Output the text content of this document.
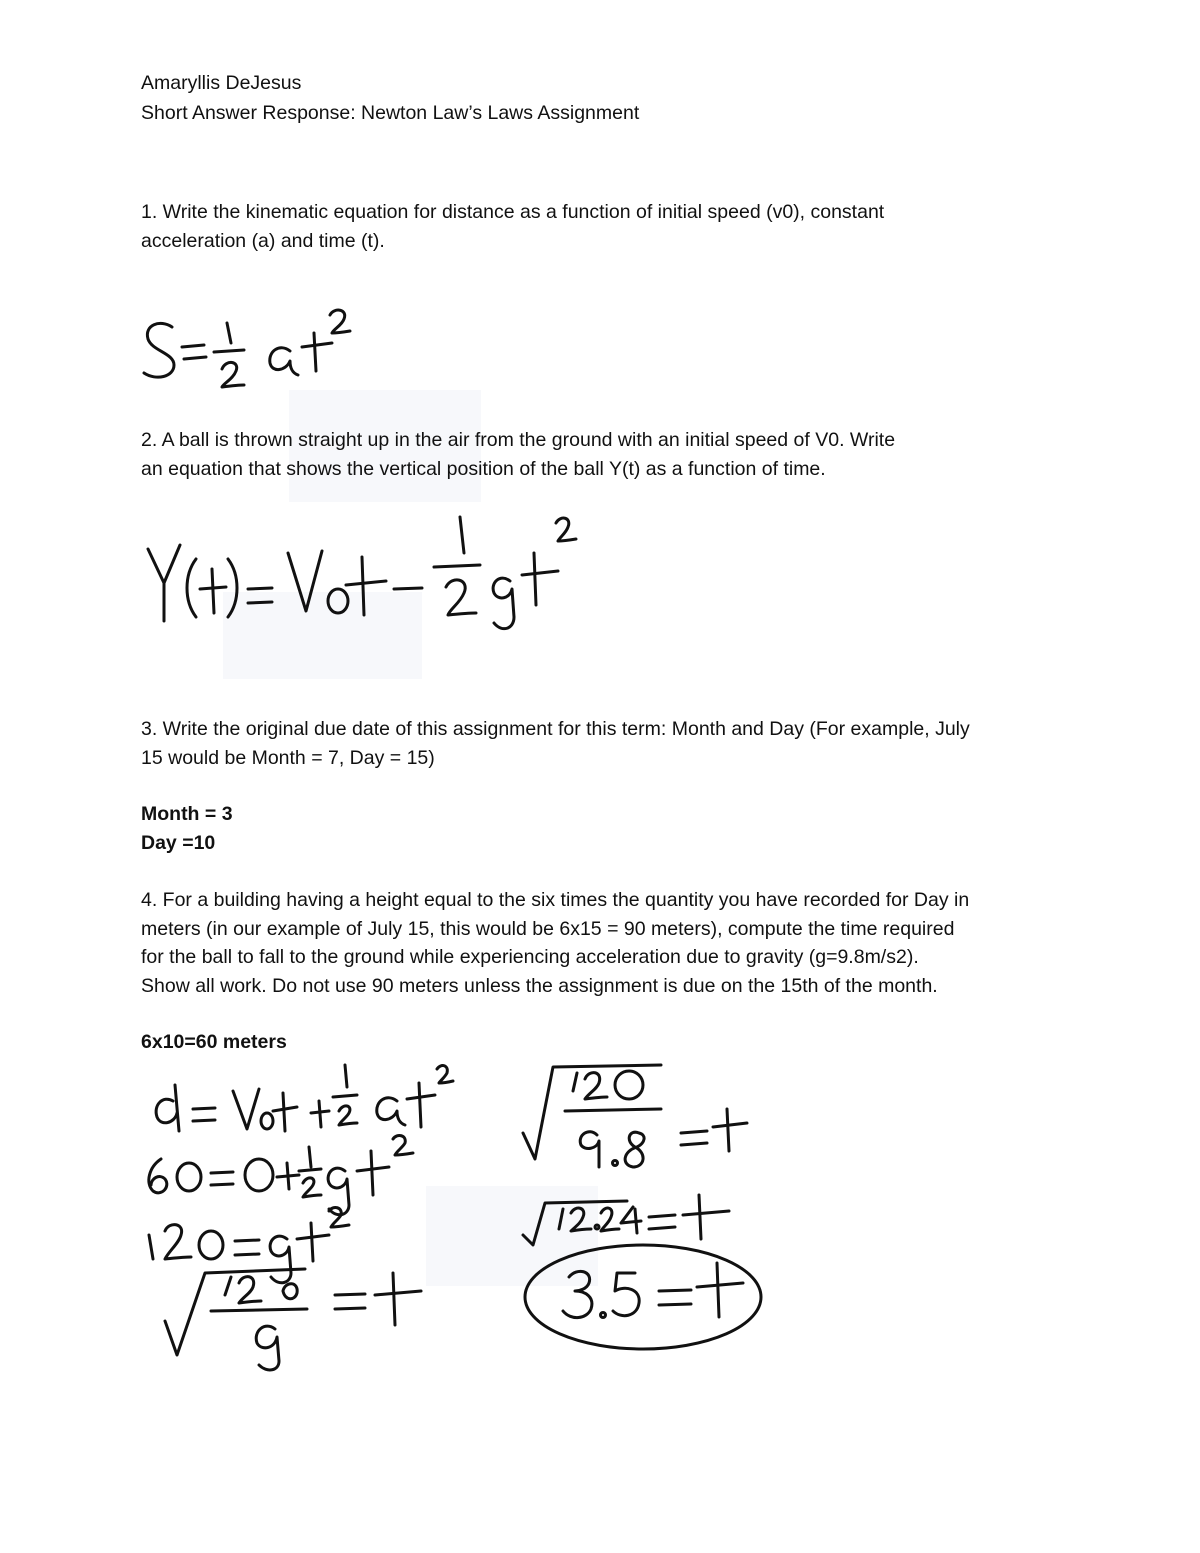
Amaryllis DeJesus
Short Answer Response: Newton Law’s Laws Assignment
1. Write the kinematic equation for distance as a function of initial speed (v0), constant
acceleration (a) and time (t).
2. A ball is thrown straight up in the air from the ground with an initial speed of V0. Write
an equation that shows the vertical position of the ball Y(t) as a function of time.
3. Write the original due date of this assignment for this term: Month and Day (For example, July
15 would be Month = 7, Day = 15)
Month = 3
Day =10
4. For a building having a height equal to the six times the quantity you have recorded for Day in
meters (in our example of July 15, this would be 6x15 = 90 meters), compute the time required
for the ball to fall to the ground while experiencing acceleration due to gravity (g=9.8m/s2).
Show all work. Do not use 90 meters unless the assignment is due on the 15th of the month.
6x10=60 meters
